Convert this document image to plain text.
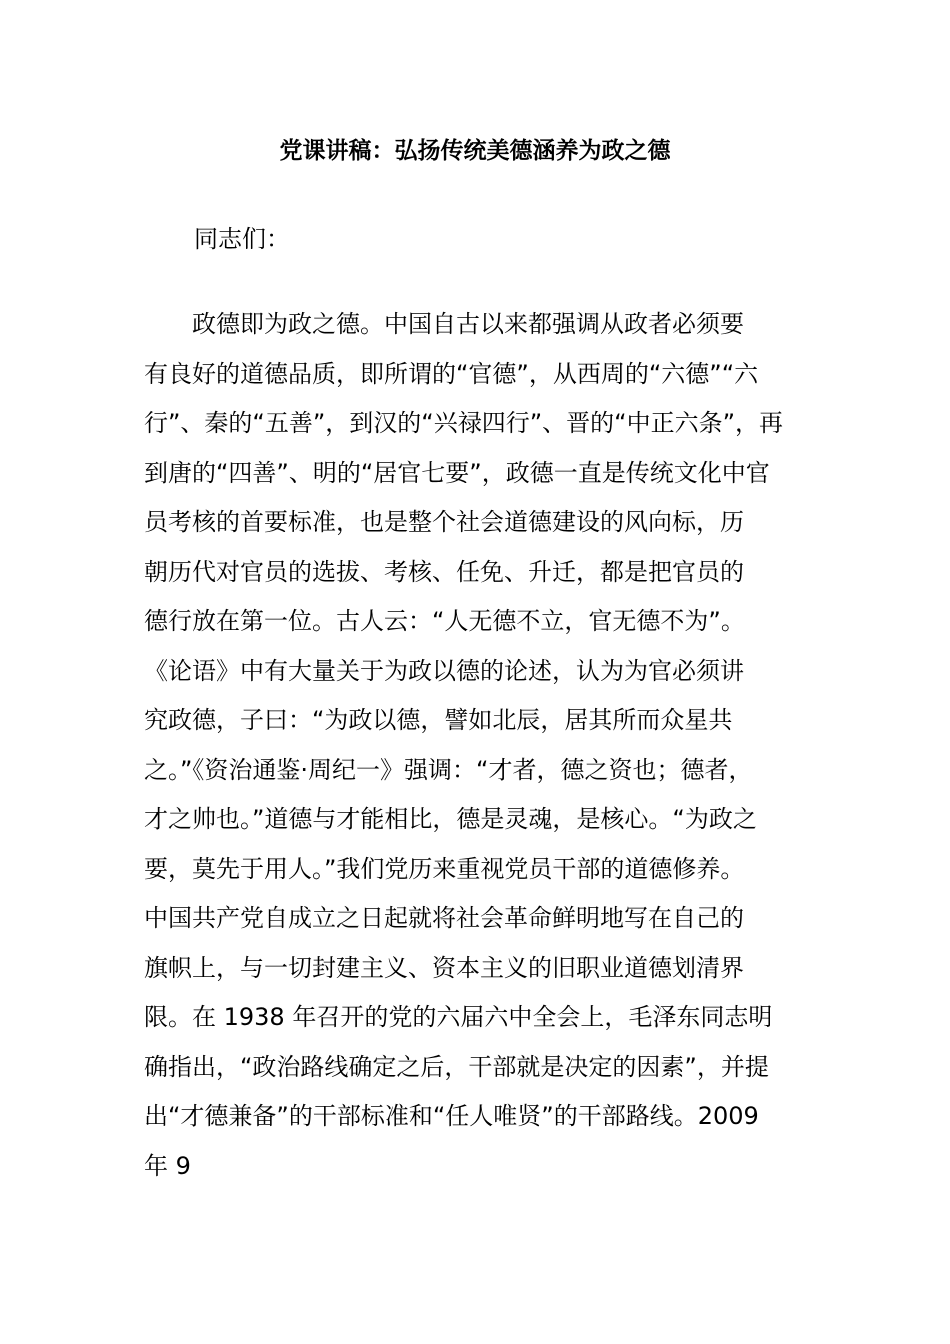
党课讲稿：弘扬传统美德涵养为政之德
同志们：
　　政德即为政之德。中国自古以来都强调从政者必须要
有良好的道德品质，即所谓的“官德”，从西周的“六德”“六
行”、秦的“五善”，到汉的“兴禄四行”、晋的“中正六条”，再
到唐的“四善”、明的“居官七要”，政德一直是传统文化中官
员考核的首要标准，也是整个社会道德建设的风向标，历
朝历代对官员的选拔、考核、任免、升迁，都是把官员的
德行放在第一位。古人云：“人无德不立，官无德不为”。
《论语》中有大量关于为政以德的论述，认为为官必须讲
究政德，子曰：“为政以德，譬如北辰，居其所而众星共
之。”《资治通鉴·周纪一》强调：“才者，德之资也；德者，
才之帅也。”道德与才能相比，德是灵魂，是核心。“为政之
要，莫先于用人。”我们党历来重视党员干部的道德修养。
中国共产党自成立之日起就将社会革命鲜明地写在自己的
旗帜上，与一切封建主义、资本主义的旧职业道德划清界
限。在 1938 年召开的党的六届六中全会上，毛泽东同志明
确指出，“政治路线确定之后，干部就是决定的因素”，并提
出“才德兼备”的干部标准和“任人唯贤”的干部路线。2009
年 9
